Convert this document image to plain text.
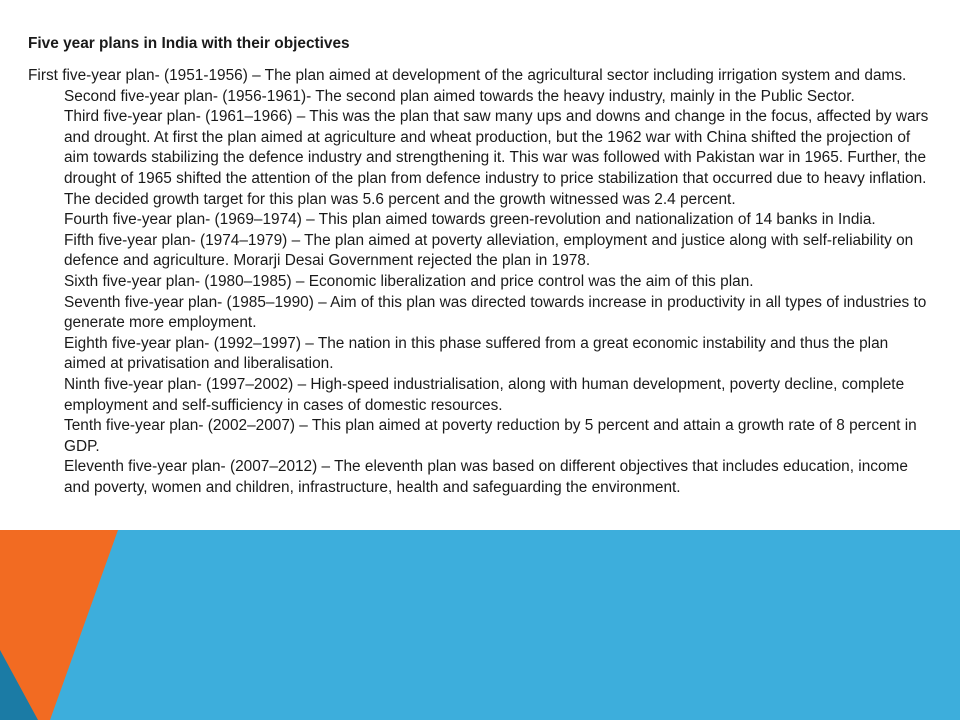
Five year plans in India with their objectives

First five-year plan- (1951-1956) – The plan aimed at development of the agricultural sector including irrigation system and dams.

Second five-year plan- (1956-1961)- The second plan aimed towards the heavy industry, mainly in the Public Sector.

Third five-year plan- (1961–1966) – This was the plan that saw many ups and downs and change in the focus, affected by wars and drought. At first the plan aimed at agriculture and wheat production, but the 1962 war with China shifted the projection of aim towards stabilizing the defence industry and strengthening it. This war was followed with Pakistan war in 1965. Further, the drought of 1965 shifted the attention of the plan from defence industry to price stabilization that occurred due to heavy inflation. The decided growth target for this plan was 5.6 percent and the growth witnessed was 2.4 percent.

Fourth five-year plan- (1969–1974) – This plan aimed towards green-revolution and nationalization of 14 banks in India.

Fifth five-year plan- (1974–1979) – The plan aimed at poverty alleviation, employment and justice along with self-reliability on defence and agriculture. Morarji Desai Government rejected the plan in 1978.

Sixth five-year plan- (1980–1985) – Economic liberalization and price control was the aim of this plan.

Seventh five-year plan- (1985–1990) – Aim of this plan was directed towards increase in productivity in all types of industries to generate more employment.

Eighth five-year plan- (1992–1997) – The nation in this phase suffered from a great economic instability and thus the plan aimed at privatisation and liberalisation.

Ninth five-year plan- (1997–2002) – High-speed industrialisation, along with human development, poverty decline, complete employment and self-sufficiency in cases of domestic resources.

Tenth five-year plan- (2002–2007) – This plan aimed at poverty reduction by 5 percent and attain a growth rate of 8 percent in GDP.

Eleventh five-year plan- (2007–2012) – The eleventh plan was based on different objectives that includes education, income and poverty, women and children, infrastructure, health and safeguarding the environment.
